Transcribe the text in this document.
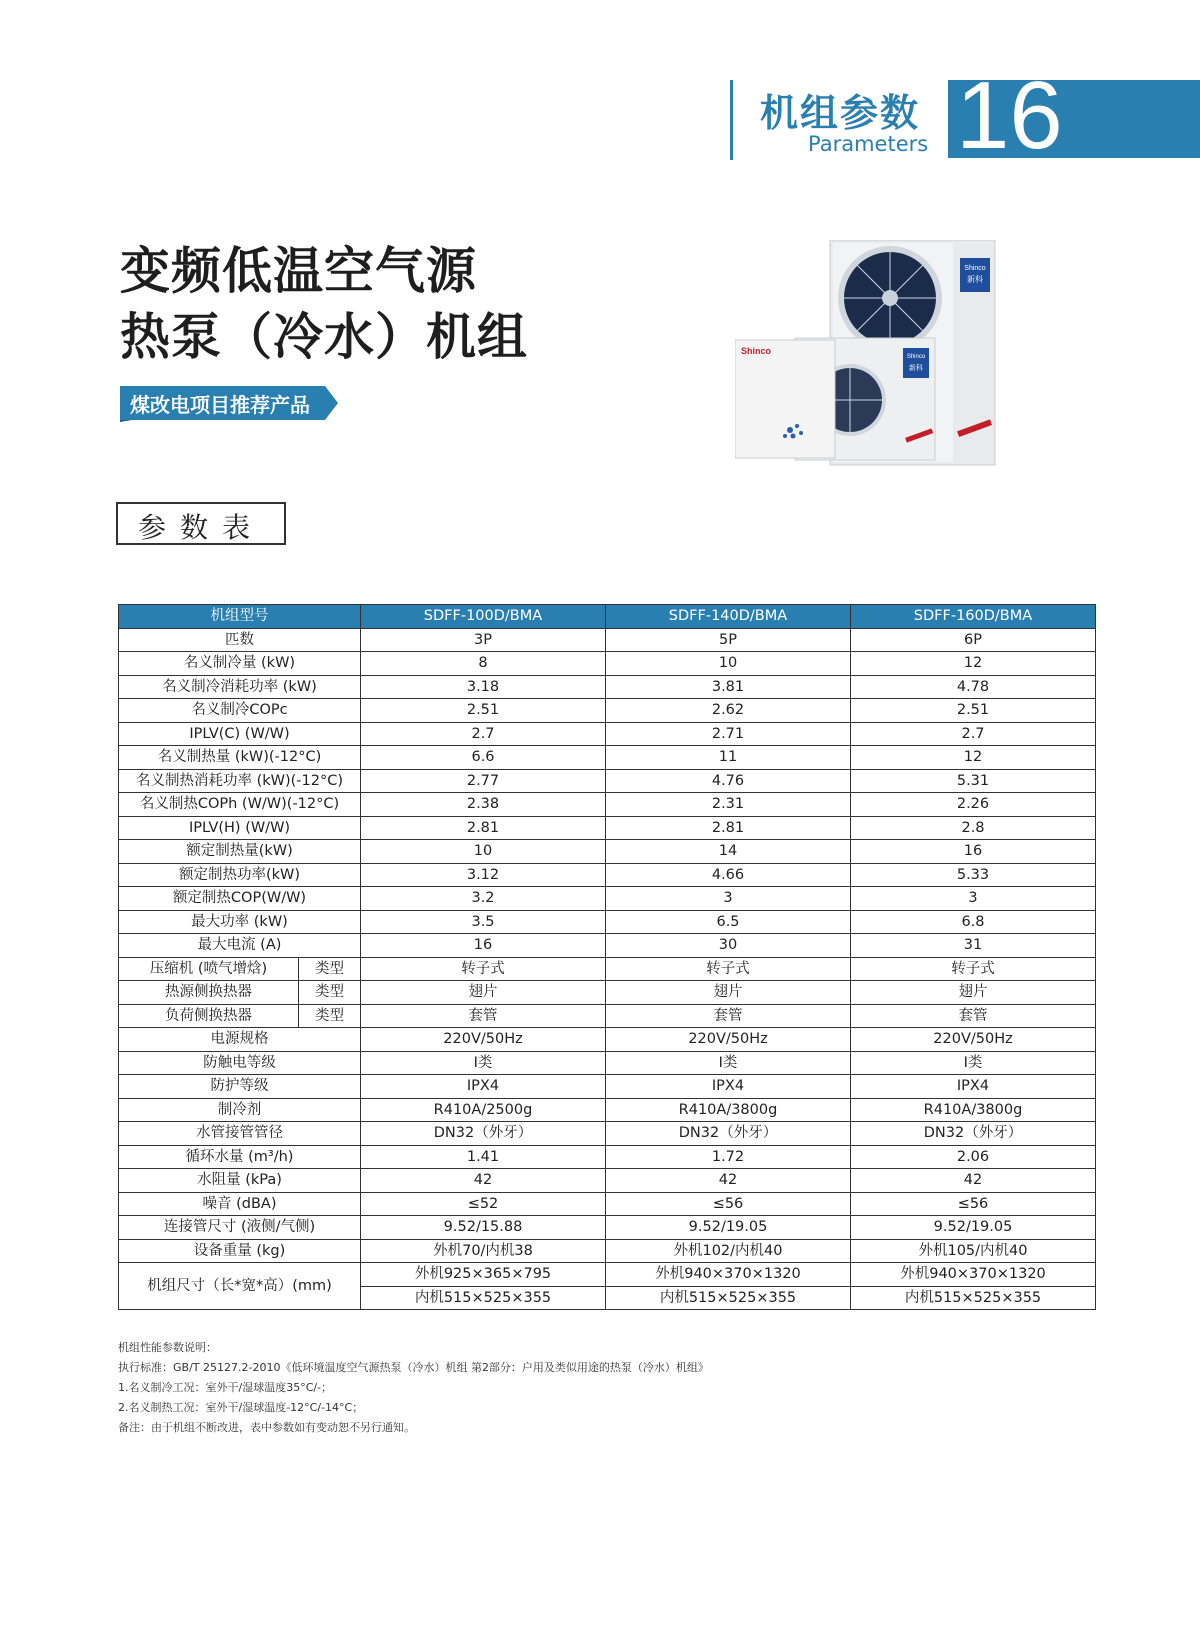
机组参数
Parameters 16
变频低温空气源
热泵（冷水）机组
煤改电项目推荐产品
Shinco
新科
Shinco
新科
Shinco
参数表
机组型号		SDFF-100D/BMA	SDFF-140D/BMA	SDFF-160D/BMA
匹数		3P	5P	6P
名义制冷量 (kW)		8	10	12
名义制冷消耗功率 (kW)		3.18	3.81	4.78
名义制冷COPc		2.51	2.62	2.51
IPLV(C) (W/W)		2.7	2.71	2.7
名义制热量 (kW)(-12°C)		6.6	11	12
名义制热消耗功率 (kW)(-12°C)		2.77	4.76	5.31
名义制热COPh (W/W)(-12°C)		2.38	2.31	2.26
IPLV(H) (W/W)		2.81	2.81	2.8
额定制热量(kW)		10	14	16
额定制热功率(kW)		3.12	4.66	5.33
额定制热COP(W/W)		3.2	3	3
最大功率 (kW)		3.5	6.5	6.8
最大电流 (A)		16	30	31
压缩机 (喷气增焓)	类型	转子式	转子式	转子式
热源侧换热器	类型	翅片	翅片	翅片
负荷侧换热器	类型	套管	套管	套管
电源规格		220V/50Hz	220V/50Hz	220V/50Hz
防触电等级		I类	I类	I类
防护等级		IPX4	IPX4	IPX4
制冷剂		R410A/2500g	R410A/3800g	R410A/3800g
水管接管管径		DN32（外牙）	DN32（外牙）	DN32（外牙）
循环水量 (m³/h)		1.41	1.72	2.06
水阻量 (kPa)		42	42	42
噪音 (dBA)		≤52	≤56	≤56
连接管尺寸 (液侧/气侧)		9.52/15.88	9.52/19.05	9.52/19.05
设备重量 (kg)		外机70/内机38	外机102/内机40	外机105/内机40
机组尺寸（长*宽*高）(mm)		外机925×365×795	外机940×370×1320	外机940×370×1320
		内机515×525×355	内机515×525×355	内机515×525×355
机组性能参数说明：
执行标准：GB/T 25127.2-2010《低环境温度空气源热泵（冷水）机组 第2部分：户用及类似用途的热泵（冷水）机组》
1.名义制冷工况：室外干/湿球温度35°C/-；
2.名义制热工况：室外干/湿球温度-12°C/-14°C；
备注：由于机组不断改进，表中参数如有变动恕不另行通知。
